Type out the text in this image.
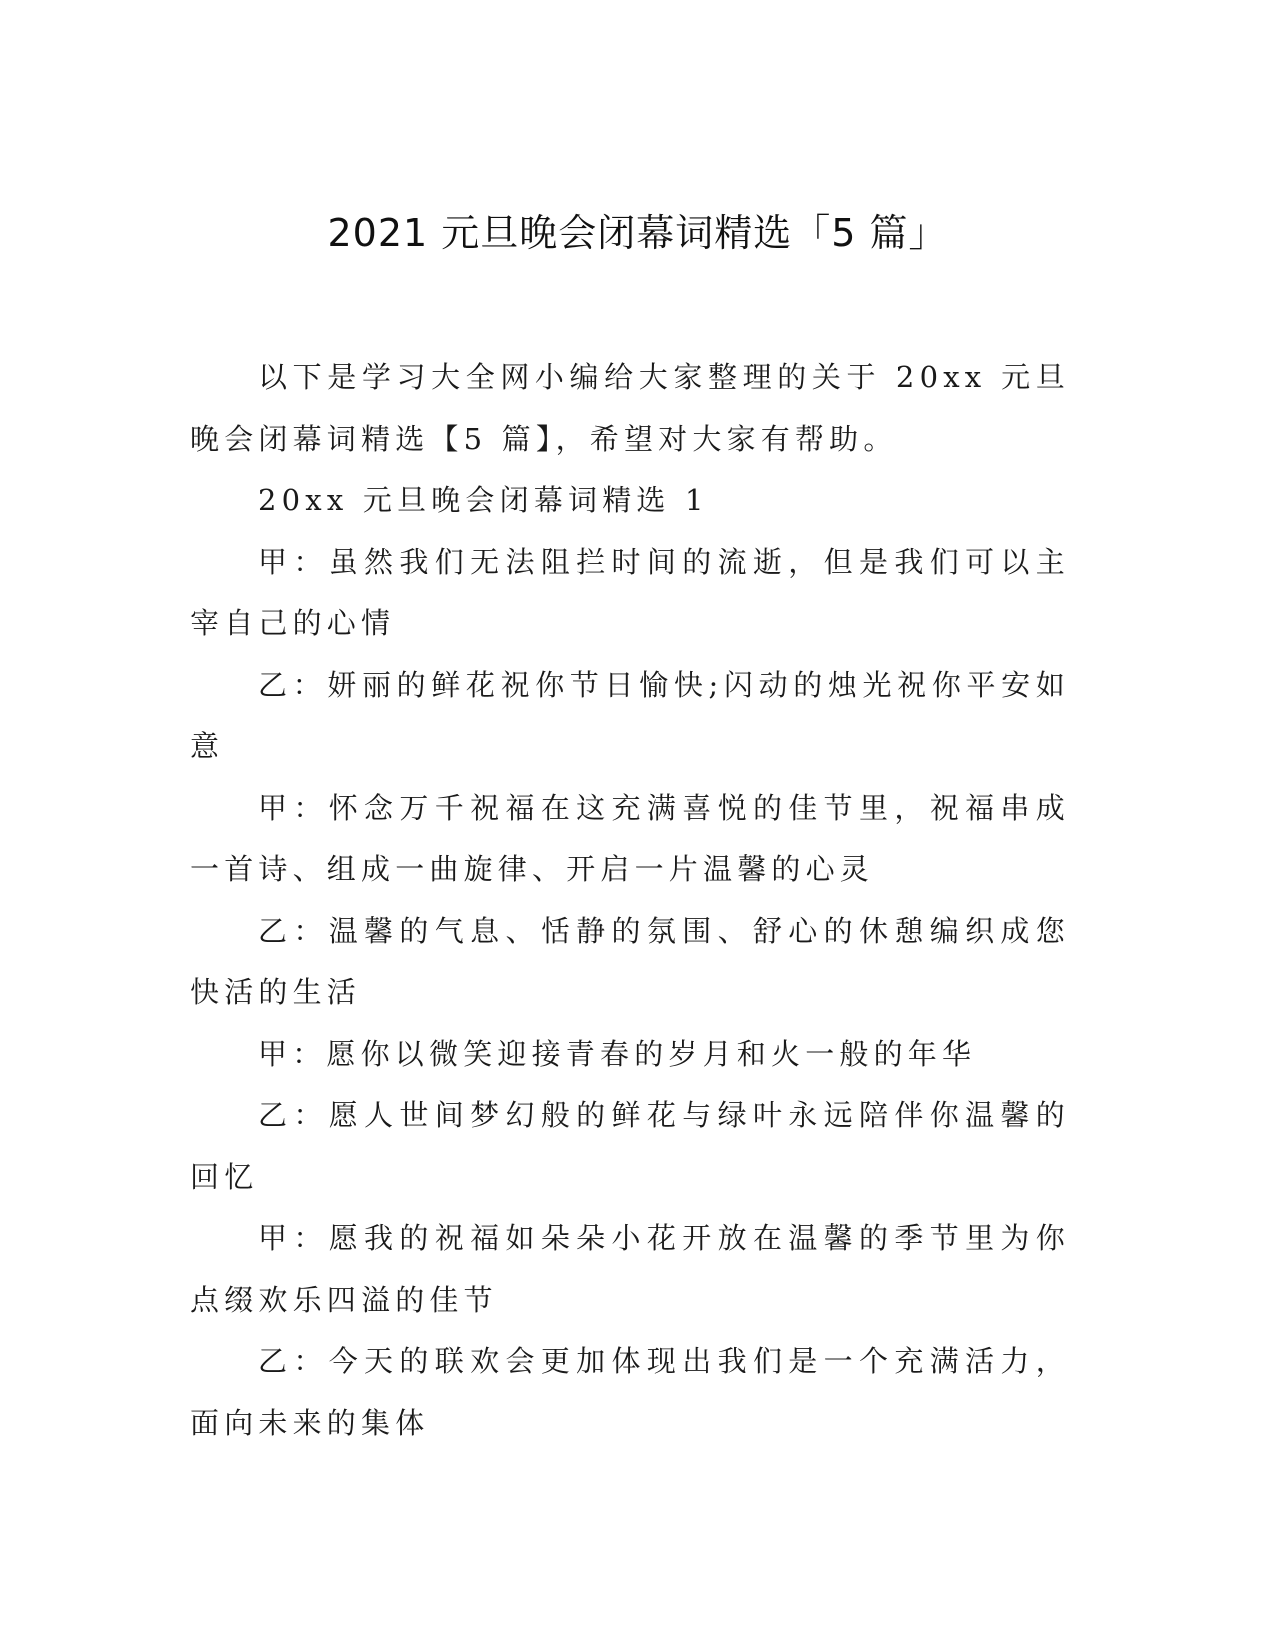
2021 元旦晚会闭幕词精选「5 篇」

以下是学习大全网小编给大家整理的关于 20xx 元旦晚会闭幕词精选【5 篇】，希望对大家有帮助。

20xx 元旦晚会闭幕词精选 1

甲：虽然我们无法阻拦时间的流逝，但是我们可以主宰自己的心情

乙：妍丽的鲜花祝你节日愉快;闪动的烛光祝你平安如意

甲：怀念万千祝福在这充满喜悦的佳节里，祝福串成一首诗、组成一曲旋律、开启一片温馨的心灵

乙：温馨的气息、恬静的氛围、舒心的休憩编织成您快活的生活

甲：愿你以微笑迎接青春的岁月和火一般的年华

乙：愿人世间梦幻般的鲜花与绿叶永远陪伴你温馨的回忆

甲：愿我的祝福如朵朵小花开放在温馨的季节里为你点缀欢乐四溢的佳节

乙：今天的联欢会更加体现出我们是一个充满活力，面向未来的集体
